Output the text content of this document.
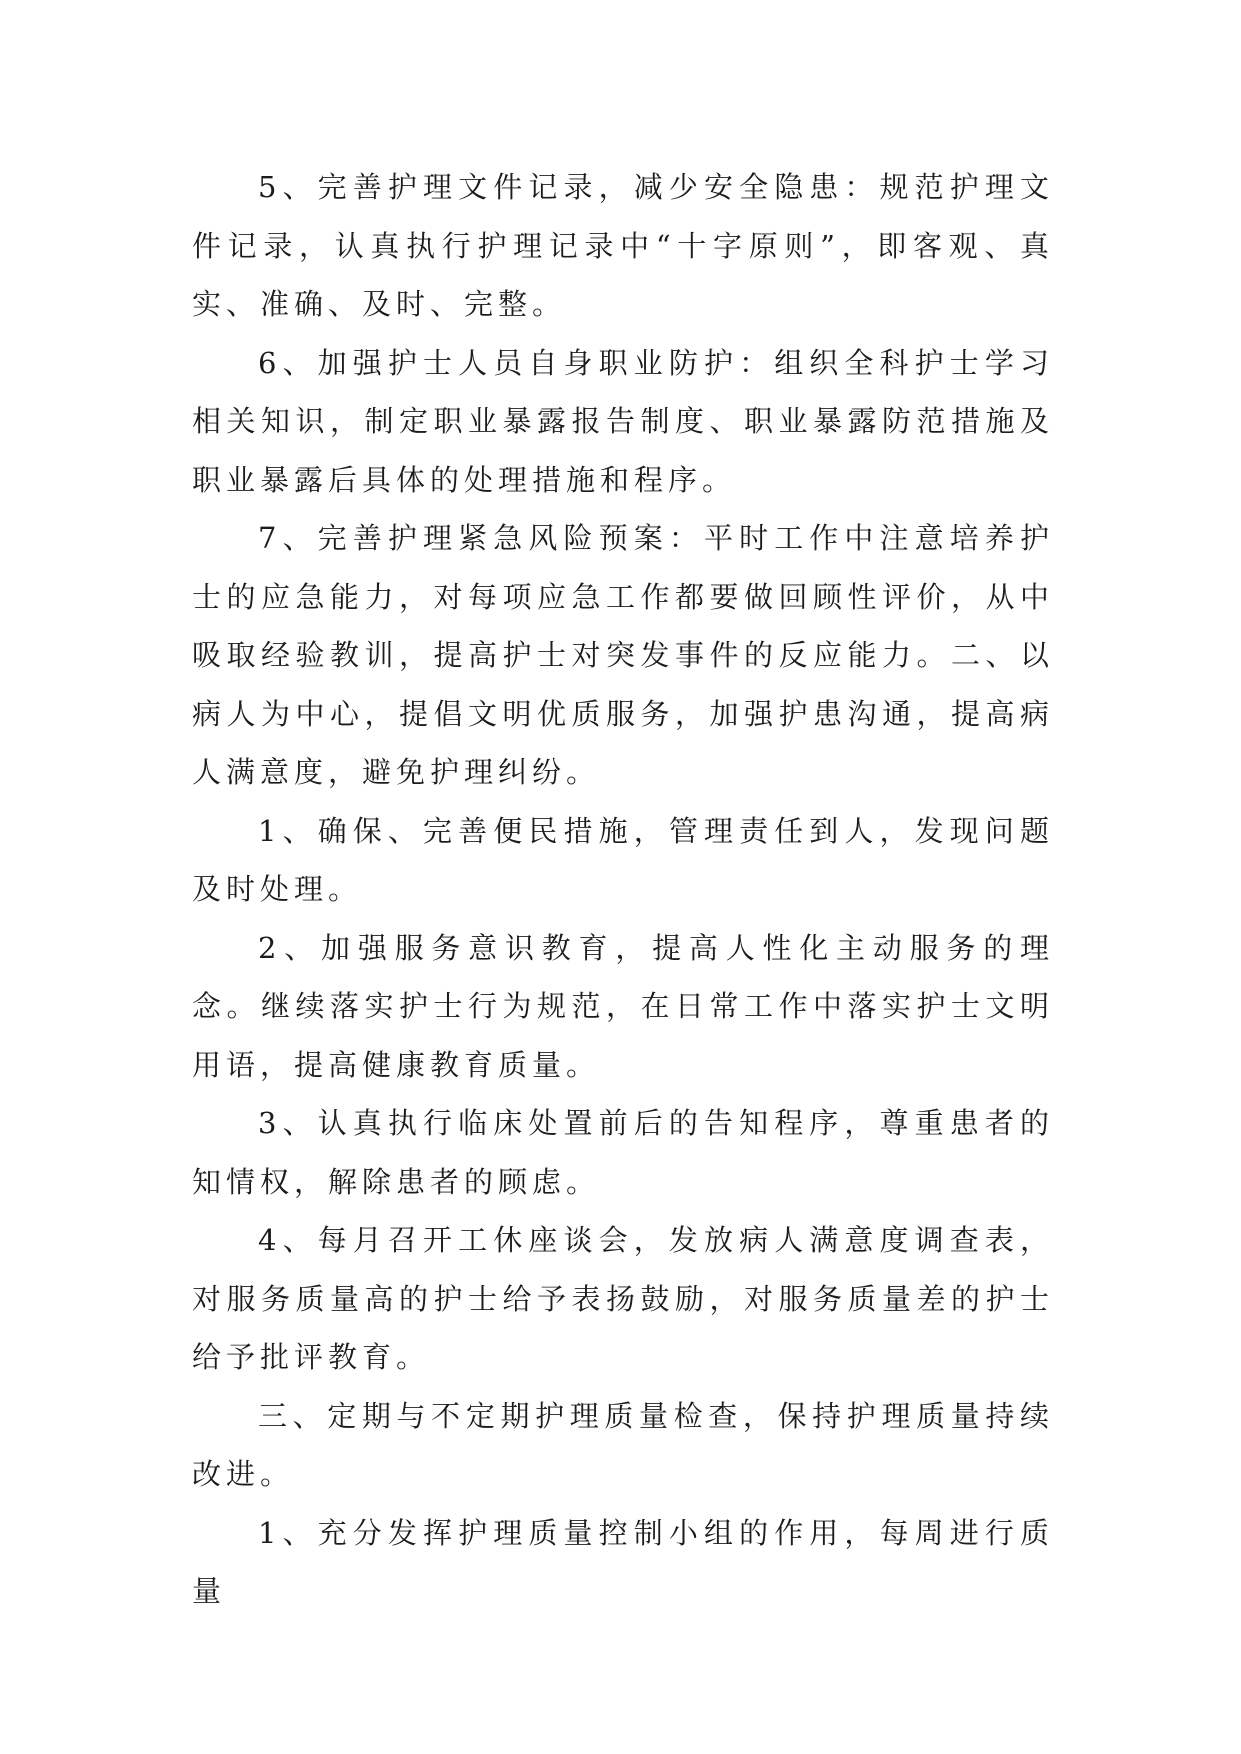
5、完善护理文件记录，减少安全隐患：规范护理文件记录，认真执行护理记录中“十字原则”，即客观、真实、准确、及时、完整。

6、加强护士人员自身职业防护：组织全科护士学习相关知识，制定职业暴露报告制度、职业暴露防范措施及职业暴露后具体的处理措施和程序。

7、完善护理紧急风险预案：平时工作中注意培养护士的应急能力，对每项应急工作都要做回顾性评价，从中吸取经验教训，提高护士对突发事件的反应能力。二、以病人为中心，提倡文明优质服务，加强护患沟通，提高病人满意度，避免护理纠纷。

1、确保、完善便民措施，管理责任到人，发现问题及时处理。

2、加强服务意识教育，提高人性化主动服务的理念。继续落实护士行为规范，在日常工作中落实护士文明用语，提高健康教育质量。

3、认真执行临床处置前后的告知程序，尊重患者的知情权，解除患者的顾虑。

4、每月召开工休座谈会，发放病人满意度调查表，对服务质量高的护士给予表扬鼓励，对服务质量差的护士给予批评教育。

三、定期与不定期护理质量检查，保持护理质量持续改进。

1、充分发挥护理质量控制小组的作用，每周进行质量
